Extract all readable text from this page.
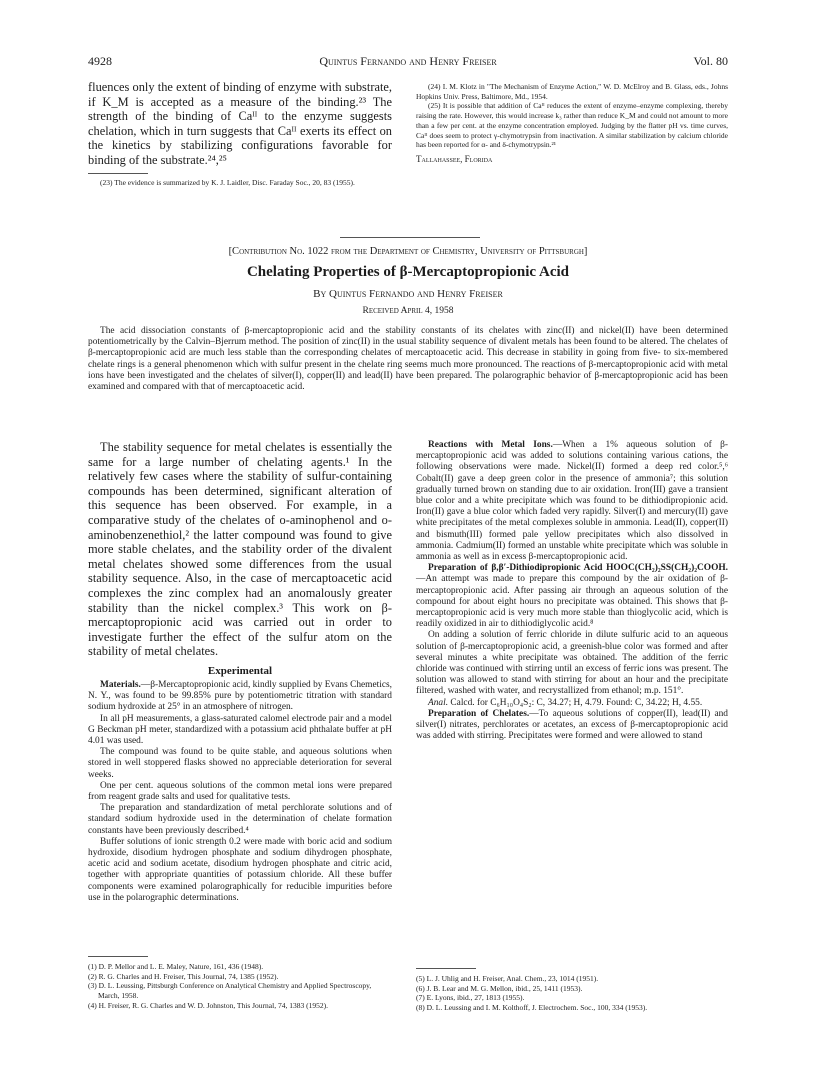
4928	Quintus Fernando and Henry Freiser	Vol. 80

fluences only the extent of binding of enzyme with substrate, if K_M is accepted as a measure of the binding.²³ The strength of the binding of Caᴵᴵ to the enzyme suggests chelation, which in turn suggests that Caᴵᴵ exerts its effect on the kinetics by stabilizing configurations favorable for binding of the substrate.²⁴,²⁵

(23) The evidence is summarized by K. J. Laidler, Disc. Faraday Soc., 20, 83 (1955).

(24) I. M. Klotz in "The Mechanism of Enzyme Action," W. D. McElroy and B. Glass, eds., Johns Hopkins Univ. Press, Baltimore, Md., 1954.

(25) It is possible that addition of Caᴵᴵ reduces the extent of enzyme–enzyme complexing, thereby raising the rate. However, this would increase k₃ rather than reduce K_M and could not amount to more than a few per cent. at the enzyme concentration employed. Judging by the flatter pH vs. time curves, Caᴵᴵ does seem to protect γ-chymotrypsin from inactivation. A similar stabilization by calcium chloride has been reported for α- and δ-chymotrypsin.²¹

Tallahassee, Florida

[Contribution No. 1022 from the Department of Chemistry, University of Pittsburgh]
Chelating Properties of β-Mercaptopropionic Acid
By Quintus Fernando and Henry Freiser
Received April 4, 1958

The acid dissociation constants of β-mercaptopropionic acid and the stability constants of its chelates with zinc(II) and nickel(II) have been determined potentiometrically by the Calvin–Bjerrum method. The position of zinc(II) in the usual stability sequence of divalent metals has been found to be altered. The chelates of β-mercaptopropionic acid are much less stable than the corresponding chelates of mercaptoacetic acid. This decrease in stability in going from five- to six-membered chelate rings is a general phenomenon which with sulfur present in the chelate ring seems much more pronounced. The reactions of β-mercaptopropionic acid with metal ions have been investigated and the chelates of silver(I), copper(II) and lead(II) have been prepared. The polarographic behavior of β-mercaptopropionic acid has been examined and compared with that of mercaptoacetic acid.

The stability sequence for metal chelates is essentially the same for a large number of chelating agents.¹ In the relatively few cases where the stability of sulfur-containing compounds has been determined, significant alteration of this sequence has been observed. For example, in a comparative study of the chelates of o-aminophenol and o-aminobenzenethiol,² the latter compound was found to give more stable chelates, and the stability order of the divalent metal chelates showed some differences from the usual stability sequence. Also, in the case of mercaptoacetic acid complexes the zinc complex had an anomalously greater stability than the nickel complex.³ This work on β-mercaptopropionic acid was carried out in order to investigate further the effect of the sulfur atom on the stability of metal chelates.

Experimental

Materials.—β-Mercaptopropionic acid, kindly supplied by Evans Chemetics, N. Y., was found to be 99.85% pure by potentiometric titration with standard sodium hydroxide at 25° in an atmosphere of nitrogen.

In all pH measurements, a glass-saturated calomel electrode pair and a model G Beckman pH meter, standardized with a potassium acid phthalate buffer at pH 4.01 was used.

The compound was found to be quite stable, and aqueous solutions when stored in well stoppered flasks showed no appreciable deterioration for several weeks.

One per cent. aqueous solutions of the common metal ions were prepared from reagent grade salts and used for qualitative tests.

The preparation and standardization of metal perchlorate solutions and of standard sodium hydroxide used in the determination of chelate formation constants have been previously described.⁴

Buffer solutions of ionic strength 0.2 were made with boric acid and sodium hydroxide, disodium hydrogen phosphate and sodium dihydrogen phosphate, acetic acid and sodium acetate, disodium hydrogen phosphate and citric acid, together with appropriate quantities of potassium chloride. All these buffer components were examined polarographically for reducible impurities before use in the polarographic determinations.

Reactions with Metal Ions.—When a 1% aqueous solution of β-mercaptopropionic acid was added to solutions containing various cations, the following observations were made. Nickel(II) formed a deep red color.⁵,⁶ Cobalt(II) gave a deep green color in the presence of ammonia⁷; this solution gradually turned brown on standing due to air oxidation. Iron(III) gave a transient blue color and a white precipitate which was found to be dithiodipropionic acid. Iron(II) gave a blue color which faded very rapidly. Silver(I) and mercury(II) gave white precipitates of the metal complexes soluble in ammonia. Lead(II), copper(II) and bismuth(III) formed pale yellow precipitates which also dissolved in ammonia. Cadmium(II) formed an unstable white precipitate which was soluble in ammonia as well as in excess β-mercaptopropionic acid.

Preparation of β,β′-Dithiodipropionic Acid HOOC(CH₂)₂SS(CH₂)₂COOH.—An attempt was made to prepare this compound by the air oxidation of β-mercaptopropionic acid. After passing air through an aqueous solution of the compound for about eight hours no precipitate was obtained. This shows that β-mercaptopropionic acid is very much more stable than thioglycolic acid, which is readily oxidized in air to dithiodiglycolic acid.⁸

On adding a solution of ferric chloride in dilute sulfuric acid to an aqueous solution of β-mercaptopropionic acid, a greenish-blue color was formed and after several minutes a white precipitate was obtained. The addition of the ferric chloride was continued with stirring until an excess of ferric ions was present. The solution was allowed to stand with stirring for about an hour and the precipitate filtered, washed with water, and recrystallized from ethanol; m.p. 151°.

Anal. Calcd. for C₆H₁₀O₄S₂: C, 34.27; H, 4.79. Found: C, 34.22; H, 4.55.

Preparation of Chelates.—To aqueous solutions of copper(II), lead(II) and silver(I) nitrates, perchlorates or acetates, an excess of β-mercaptopropionic acid was added with stirring. Precipitates were formed and were allowed to stand

(1) D. P. Mellor and L. E. Maley, Nature, 161, 436 (1948).

(2) R. G. Charles and H. Freiser, This Journal, 74, 1385 (1952).

(3) D. L. Leussing, Pittsburgh Conference on Analytical Chemistry and Applied Spectroscopy, March, 1958.

(4) H. Freiser, R. G. Charles and W. D. Johnston, This Journal, 74, 1383 (1952).

(5) L. J. Uhlig and H. Freiser, Anal. Chem., 23, 1014 (1951).

(6) J. B. Lear and M. G. Mellon, ibid., 25, 1411 (1953).

(7) E. Lyons, ibid., 27, 1813 (1955).

(8) D. L. Leussing and I. M. Kolthoff, J. Electrochem. Soc., 100, 334 (1953).
